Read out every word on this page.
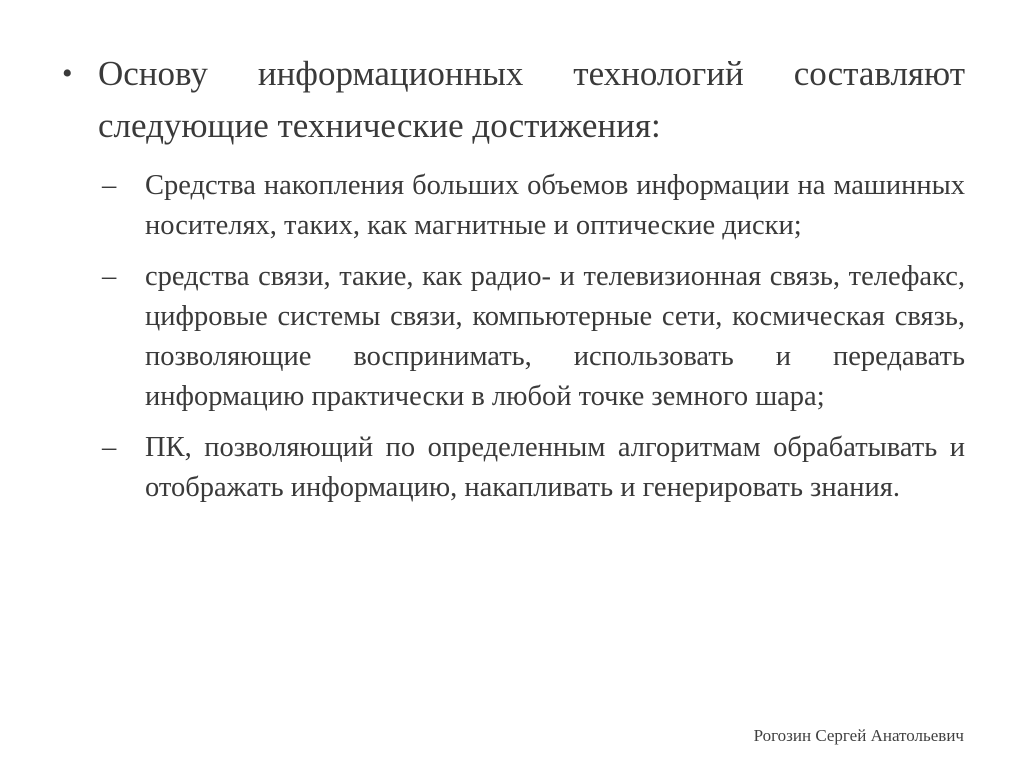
• Основу информационных технологий составляют следующие технические достижения:

– Средства накопления больших объемов информации на машинных носителях, таких, как магнитные и оптические диски;
– средства связи, такие, как радио- и телевизионная связь, телефакс, цифровые системы связи, компьютерные сети, космическая связь, позволяющие воспринимать, использовать и передавать информацию практически в любой точке земного шара;
– ПК, позволяющий по определенным алгоритмам обрабатывать и отображать информацию, накапливать и генерировать знания.
Рогозин Сергей Анатольевич
